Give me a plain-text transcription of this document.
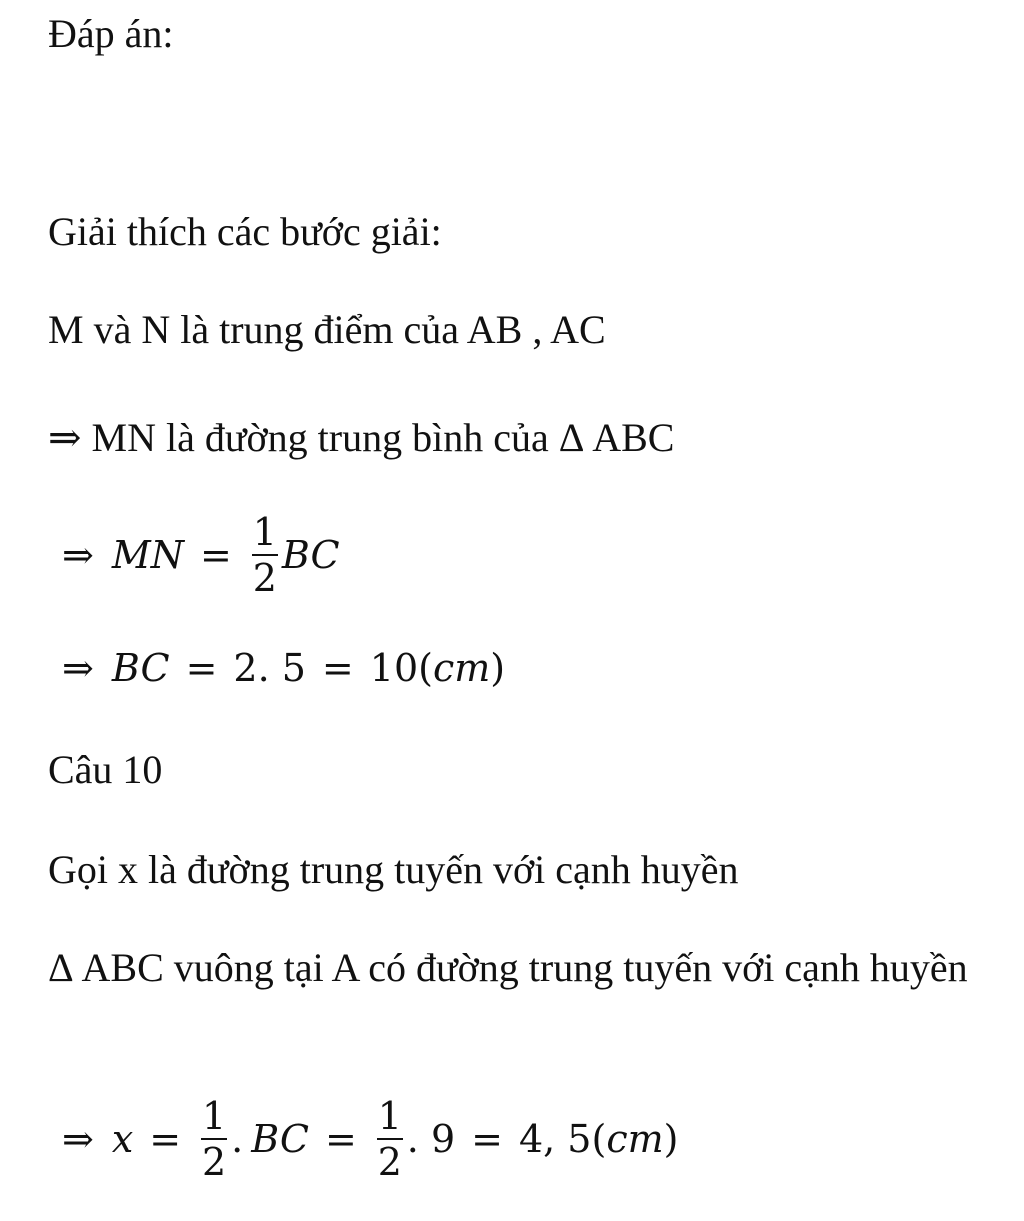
Đáp án:
Giải thích các bước giải:
M và N là trung điểm của AB , AC
⇒ MN là đường trung bình của Δ ABC
⇒ MN = $\frac{1}{2}$ BC
⇒ BC = 2. 5 = 10( cm )
Câu 10
Gọi x là đường trung tuyến với cạnh huyền
Δ ABC vuông tại A có đường trung tuyến với cạnh huyền
⇒ $x = \frac{1}{2}$ . BC = $\frac{1}{2}$ . 9 = 4, 5( cm )
